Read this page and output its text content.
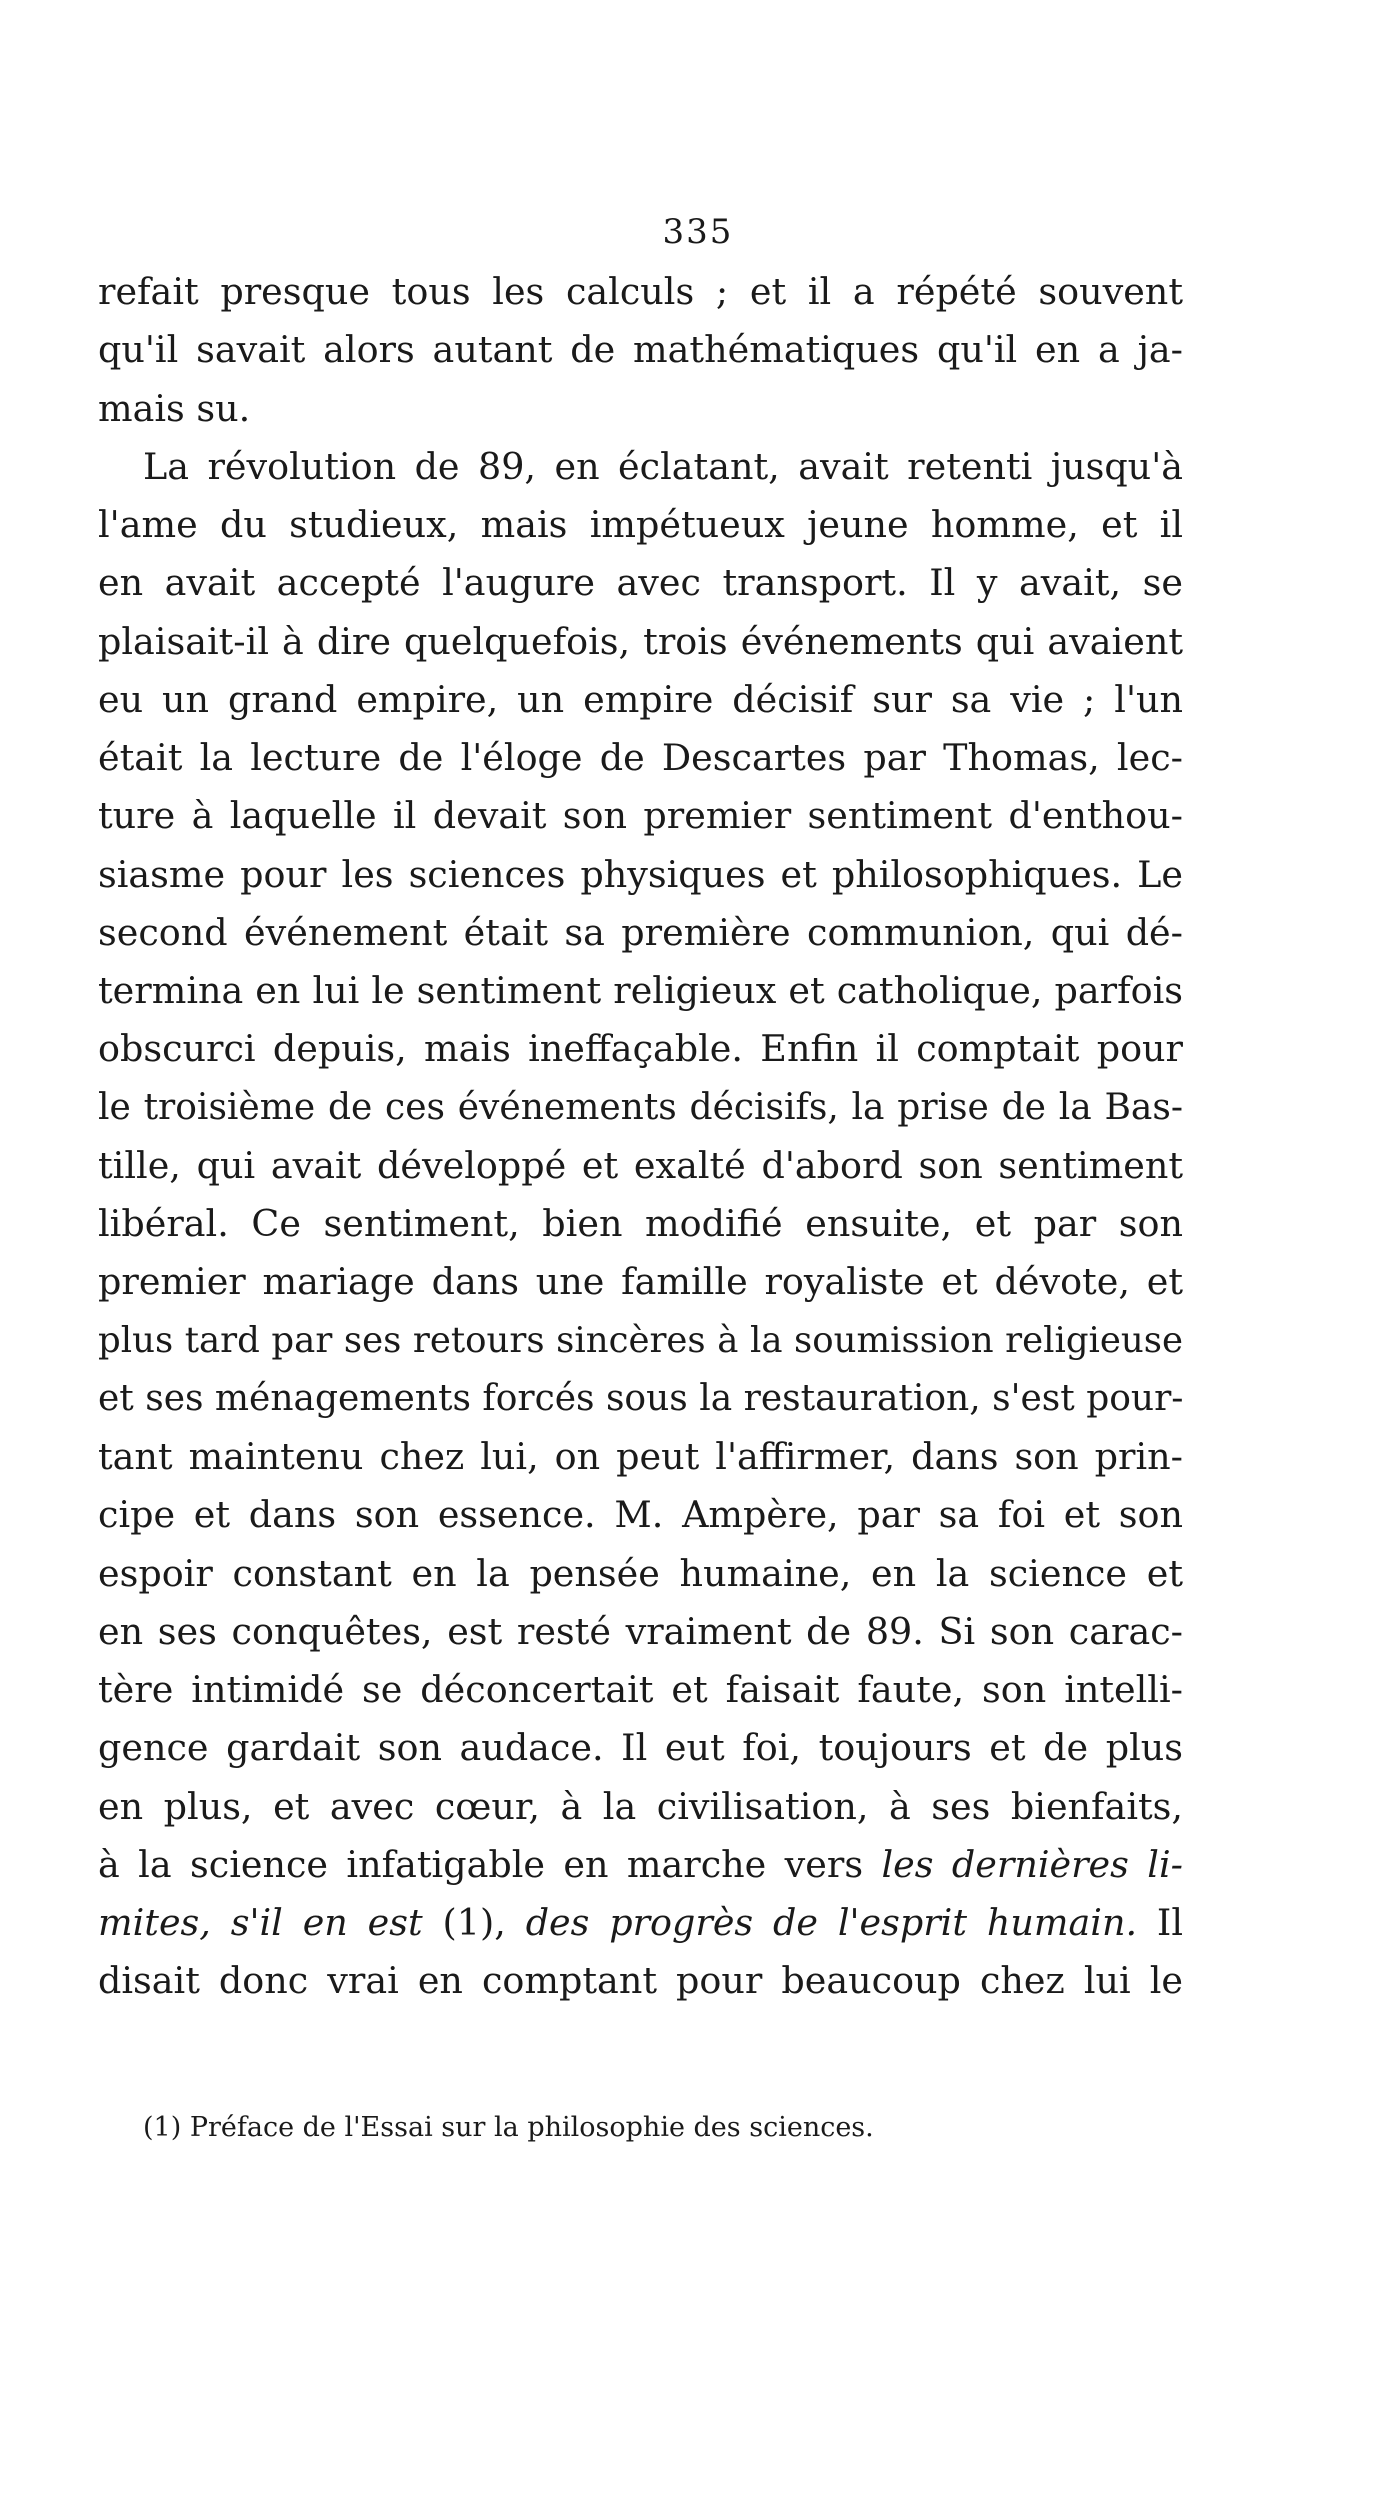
335
refait presque tous les calculs ; et il a répété souvent
qu'il savait alors autant de mathématiques qu'il en a ja-
mais su.
La révolution de 89, en éclatant, avait retenti jusqu'à
l'ame du studieux, mais impétueux jeune homme, et il
en avait accepté l'augure avec transport. Il y avait, se
plaisait-il à dire quelquefois, trois événements qui avaient
eu un grand empire, un empire décisif sur sa vie ; l'un
était la lecture de l'éloge de Descartes par Thomas, lec-
ture à laquelle il devait son premier sentiment d'enthou-
siasme pour les sciences physiques et philosophiques. Le
second événement était sa première communion, qui dé-
termina en lui le sentiment religieux et catholique, parfois
obscurci depuis, mais ineffaçable. Enfin il comptait pour
le troisième de ces événements décisifs, la prise de la Bas-
tille, qui avait développé et exalté d'abord son sentiment
libéral. Ce sentiment, bien modifié ensuite, et par son
premier mariage dans une famille royaliste et dévote, et
plus tard par ses retours sincères à la soumission religieuse
et ses ménagements forcés sous la restauration, s'est pour-
tant maintenu chez lui, on peut l'affirmer, dans son prin-
cipe et dans son essence. M. Ampère, par sa foi et son
espoir constant en la pensée humaine, en la science et
en ses conquêtes, est resté vraiment de 89. Si son carac-
tère intimidé se déconcertait et faisait faute, son intelli-
gence gardait son audace. Il eut foi, toujours et de plus
en plus, et avec cœur, à la civilisation, à ses bienfaits,
à la science infatigable en marche vers les dernières li-
mites, s'il en est (1), des progrès de l'esprit humain. Il
disait donc vrai en comptant pour beaucoup chez lui le
(1) Préface de l'Essai sur la philosophie des sciences.
